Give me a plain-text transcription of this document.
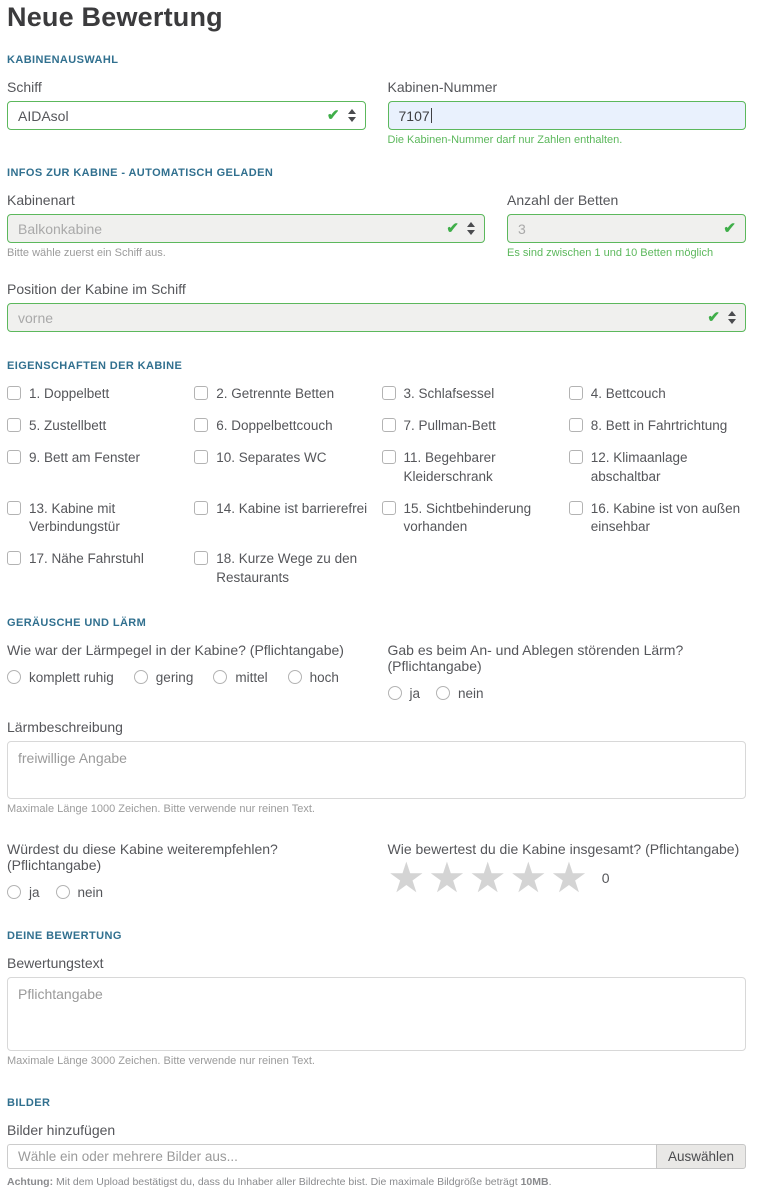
Neue Bewertung
KABINENAUSWAHL
Schiff
AIDAsol	✔
Kabinen-Nummer
7107
Die Kabinen-Nummer darf nur Zahlen enthalten.
INFOS ZUR KABINE - AUTOMATISCH GELADEN
Kabinenart
Balkonkabine	✔
Bitte wähle zuerst ein Schiff aus.
Anzahl der Betten
3	✔
Es sind zwischen 1 und 10 Betten möglich
Position der Kabine im Schiff
vorne	✔
EIGENSCHAFTEN DER KABINE
1. Doppelbett	2. Getrennte Betten	3. Schlafsessel	4. Bettcouch
5. Zustellbett	6. Doppelbettcouch	7. Pullman-Bett	8. Bett in Fahrtrichtung
9. Bett am Fenster	10. Separates WC	11. Begehbarer Kleiderschrank
12. Klimaanlage abschaltbar
13. Kabine mit Verbindungstür
14. Kabine ist barrierefrei	15. Sichtbehinderung vorhanden
16. Kabine ist von außen einsehbar
17. Nähe Fahrstuhl	18. Kurze Wege zu den Restaurants
GERÄUSCHE UND LÄRM
Wie war der Lärmpegel in der Kabine? (Pflichtangabe)
komplett ruhig	gering	mittel	hoch
Gab es beim An- und Ablegen störenden Lärm? (Pflichtangabe)
ja	nein
Lärmbeschreibung
freiwillige Angabe
Maximale Länge 1000 Zeichen. Bitte verwende nur reinen Text.
Würdest du diese Kabine weiterempfehlen? (Pflichtangabe)
ja	nein
Wie bewertest du die Kabine insgesamt? (Pflichtangabe)
★ ★ ★ ★ ★ 0
DEINE BEWERTUNG
Bewertungstext
Pflichtangabe
Maximale Länge 3000 Zeichen. Bitte verwende nur reinen Text.
BILDER
Bilder hinzufügen
Wähle ein oder mehrere Bilder aus...	Auswählen
Achtung: Mit dem Upload bestätigst du, dass du Inhaber aller Bildrechte bist. Die maximale Bildgröße beträgt 10MB.
